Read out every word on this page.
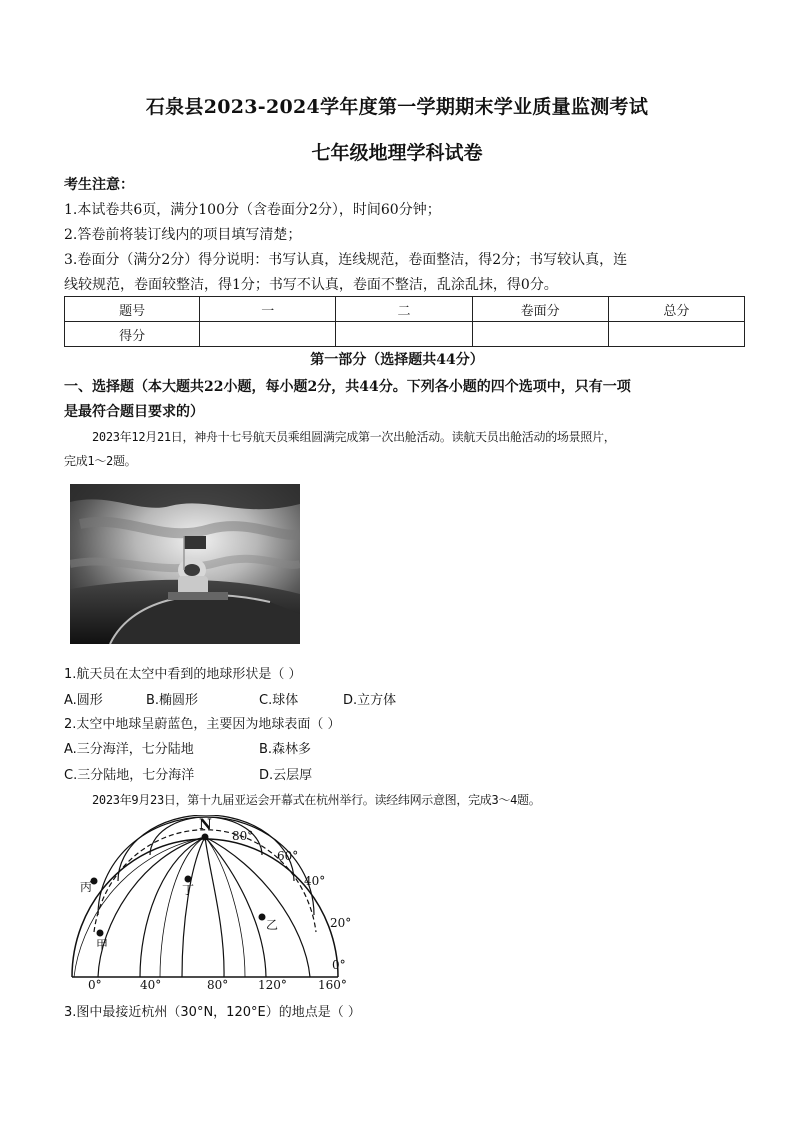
石泉县2023-2024学年度第一学期期末学业质量监测考试
七年级地理学科试卷
考生注意：
1.本试卷共6页，满分100分（含卷面分2分），时间60分钟；
2.答卷前将装订线内的项目填写清楚；
3.卷面分（满分2分）得分说明：书写认真，连线规范，卷面整洁，得2分；书写较认真，连
线较规范，卷面较整洁，得1分；书写不认真，卷面不整洁，乱涂乱抹，得0分。
题号	一	二	卷面分	总分
得分				
第一部分（选择题共44分）
一、选择题（本大题共22小题，每小题2分，共44分。下列各小题的四个选项中，只有一项
是最符合题目要求的）
2023年12月21日，神舟十七号航天员乘组圆满完成第一次出舱活动。读航天员出舱活动的场景照片，
完成1～2题。
1.航天员在太空中看到的地球形状是（ ）
A.圆形	B.椭圆形	C.球体	D.立方体
2.太空中地球呈蔚蓝色，主要因为地球表面（ ）
A.三分海洋，七分陆地	B.森林多
C.三分陆地，七分海洋	D.云层厚
2023年9月23日，第十九届亚运会开幕式在杭州举行。读经纬网示意图，完成3～4题。
N
80°
60°
40°
20°
0°
0°	40°	80° 120°	160°
丙	丁
乙
甲
3.图中最接近杭州（30°N，120°E）的地点是（ ）
